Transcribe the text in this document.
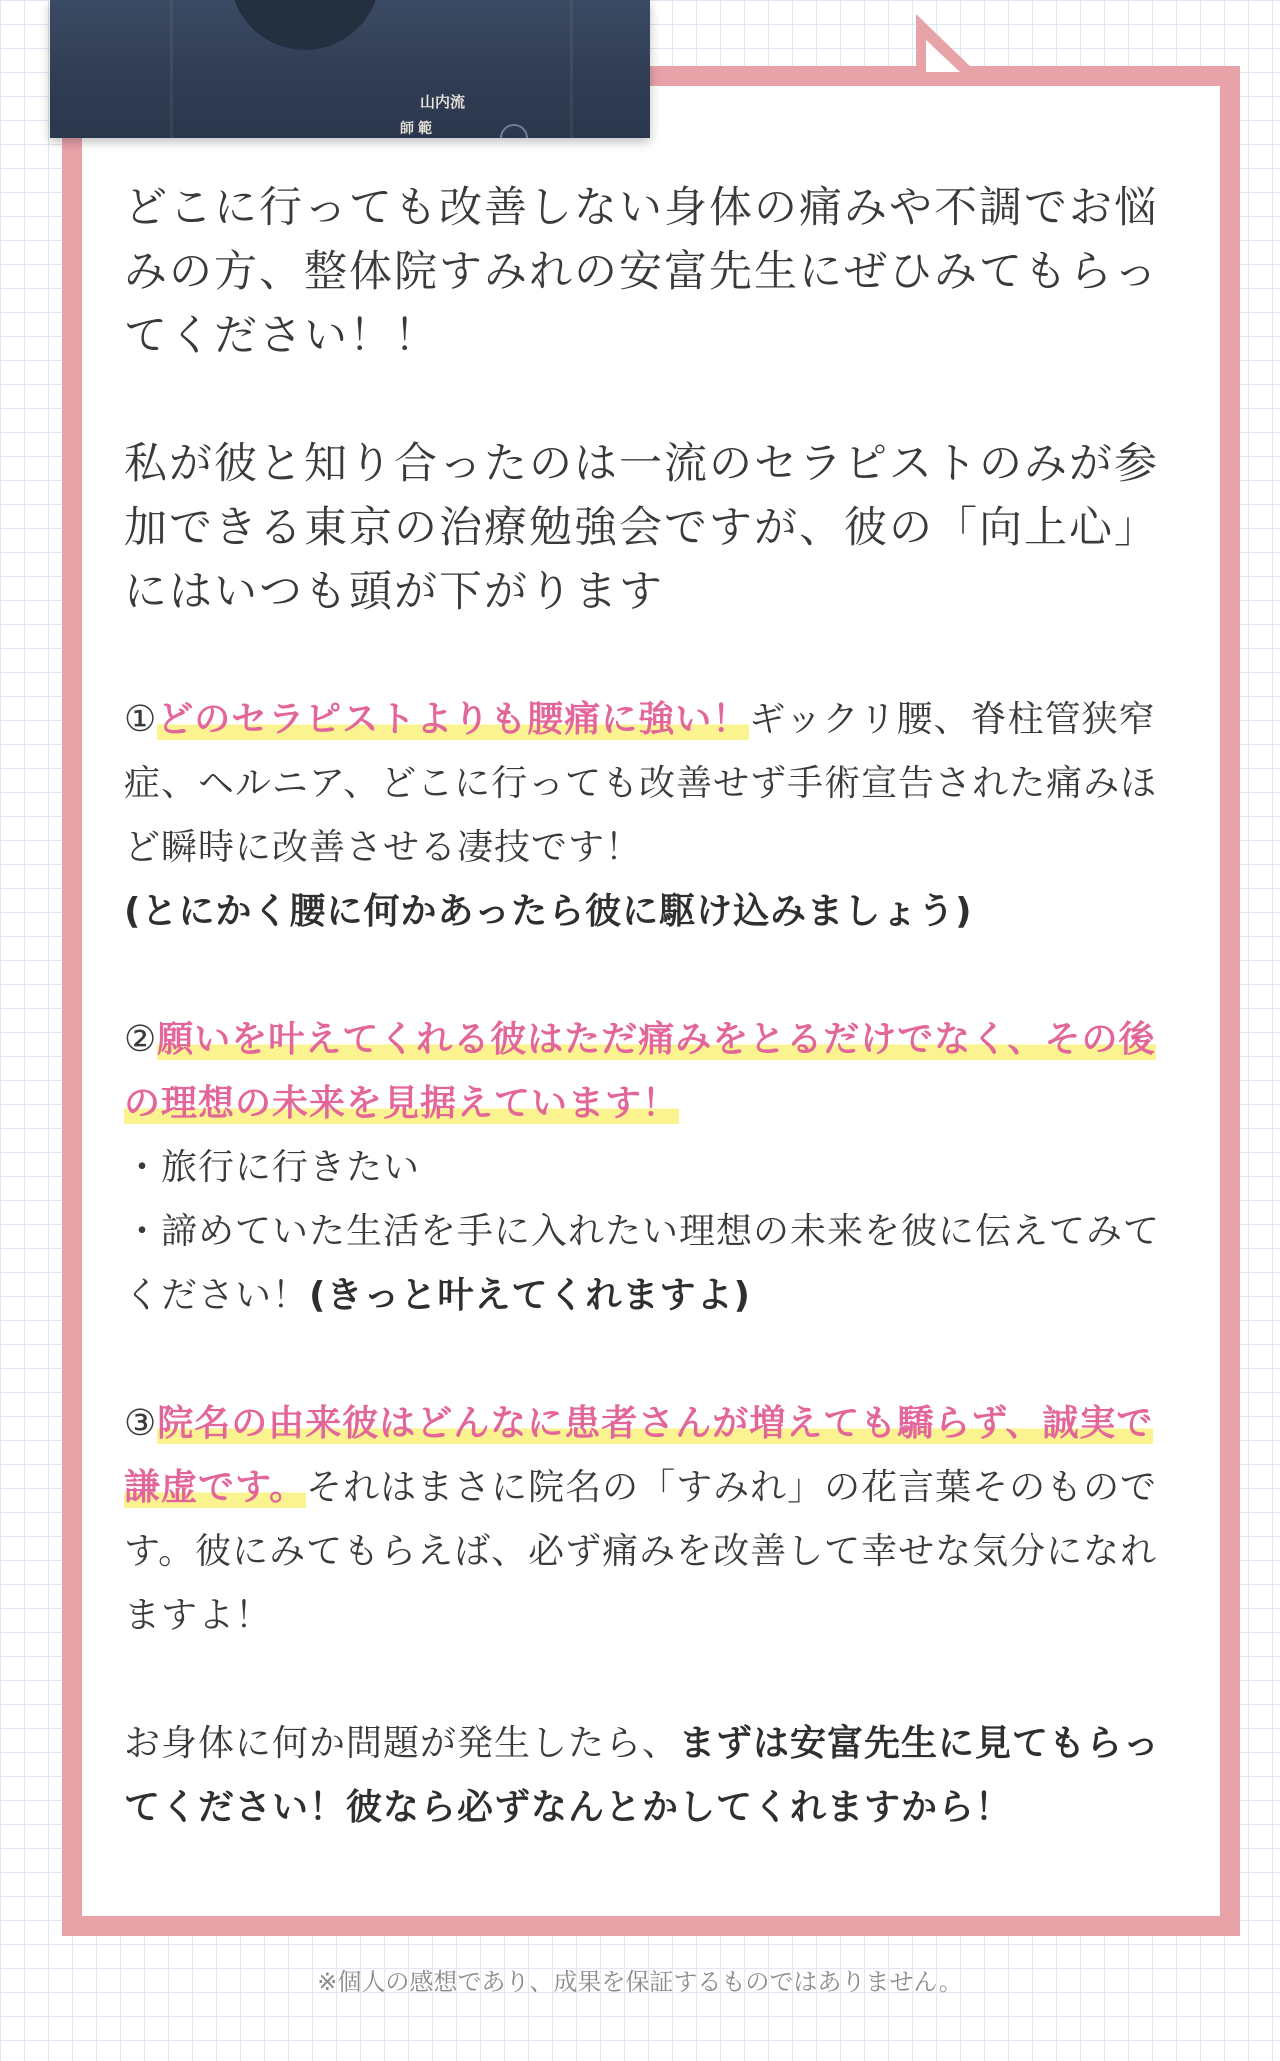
山内流
師範

どこに行っても改善しない身体の痛みや不調でお悩みの方、整体院すみれの安富先生にぜひみてもらってください！！

私が彼と知り合ったのは一流のセラピストのみが参加できる東京の治療勉強会ですが、彼の「向上心」にはいつも頭が下がります

①どのセラピストよりも腰痛に強い！ギックリ腰、脊柱管狭窄症、ヘルニア、どこに行っても改善せず手術宣告された痛みほど瞬時に改善させる凄技です！
(とにかく腰に何かあったら彼に駆け込みましょう)

②願いを叶えてくれる彼はただ痛みをとるだけでなく、その後の理想の未来を見据えています！
・旅行に行きたい
・諦めていた生活を手に入れたい理想の未来を彼に伝えてみてください！(きっと叶えてくれますよ)

③院名の由来彼はどんなに患者さんが増えても驕らず、誠実で謙虚です。それはまさに院名の「すみれ」の花言葉そのものです。彼にみてもらえば、必ず痛みを改善して幸せな気分になれますよ！

お身体に何か問題が発生したら、まずは安富先生に見てもらってください！彼なら必ずなんとかしてくれますから！

※個人の感想であり、成果を保証するものではありません。
